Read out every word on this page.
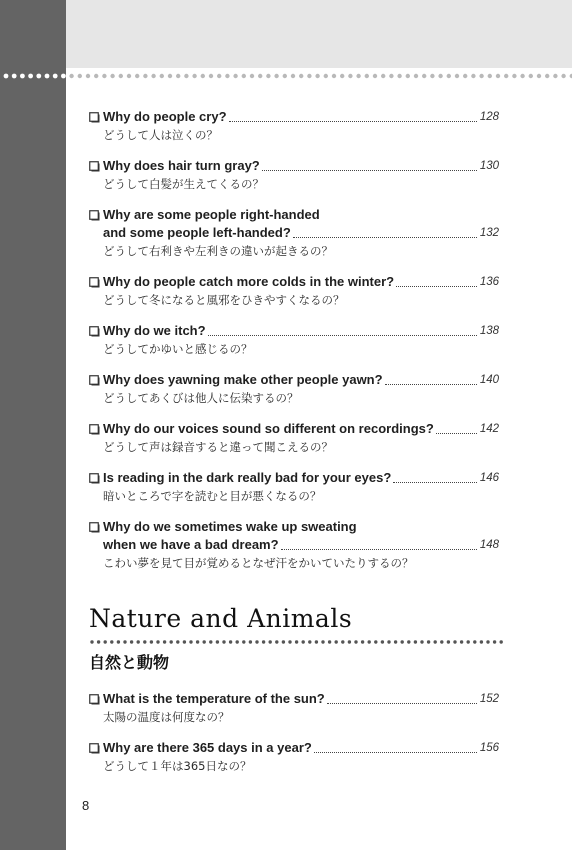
Why do people cry?	128
どうして人は泣くの？
Why does hair turn gray?	130
どうして白髪が生えてくるの？
Why are some people right-handed
and some people left-handed?	132
どうして右利きや左利きの違いが起きるの？
Why do people catch more colds in the winter?	136
どうして冬になると風邪をひきやすくなるの？
Why do we itch?	138
どうしてかゆいと感じるの？
Why does yawning make other people yawn?	140
どうしてあくびは他人に伝染するの？
Why do our voices sound so different on recordings?	142
どうして声は録音すると違って聞こえるの？
Is reading in the dark really bad for your eyes?	146
暗いところで字を読むと目が悪くなるの？
Why do we sometimes wake up sweating
when we have a bad dream?	148
こわい夢を見て目が覚めるとなぜ汗をかいていたりするの？
Nature and Animals
自然と動物
What is the temperature of the sun?	152
太陽の温度は何度なの？
Why are there 365 days in a year?	156
どうして１年は365日なの？
8
